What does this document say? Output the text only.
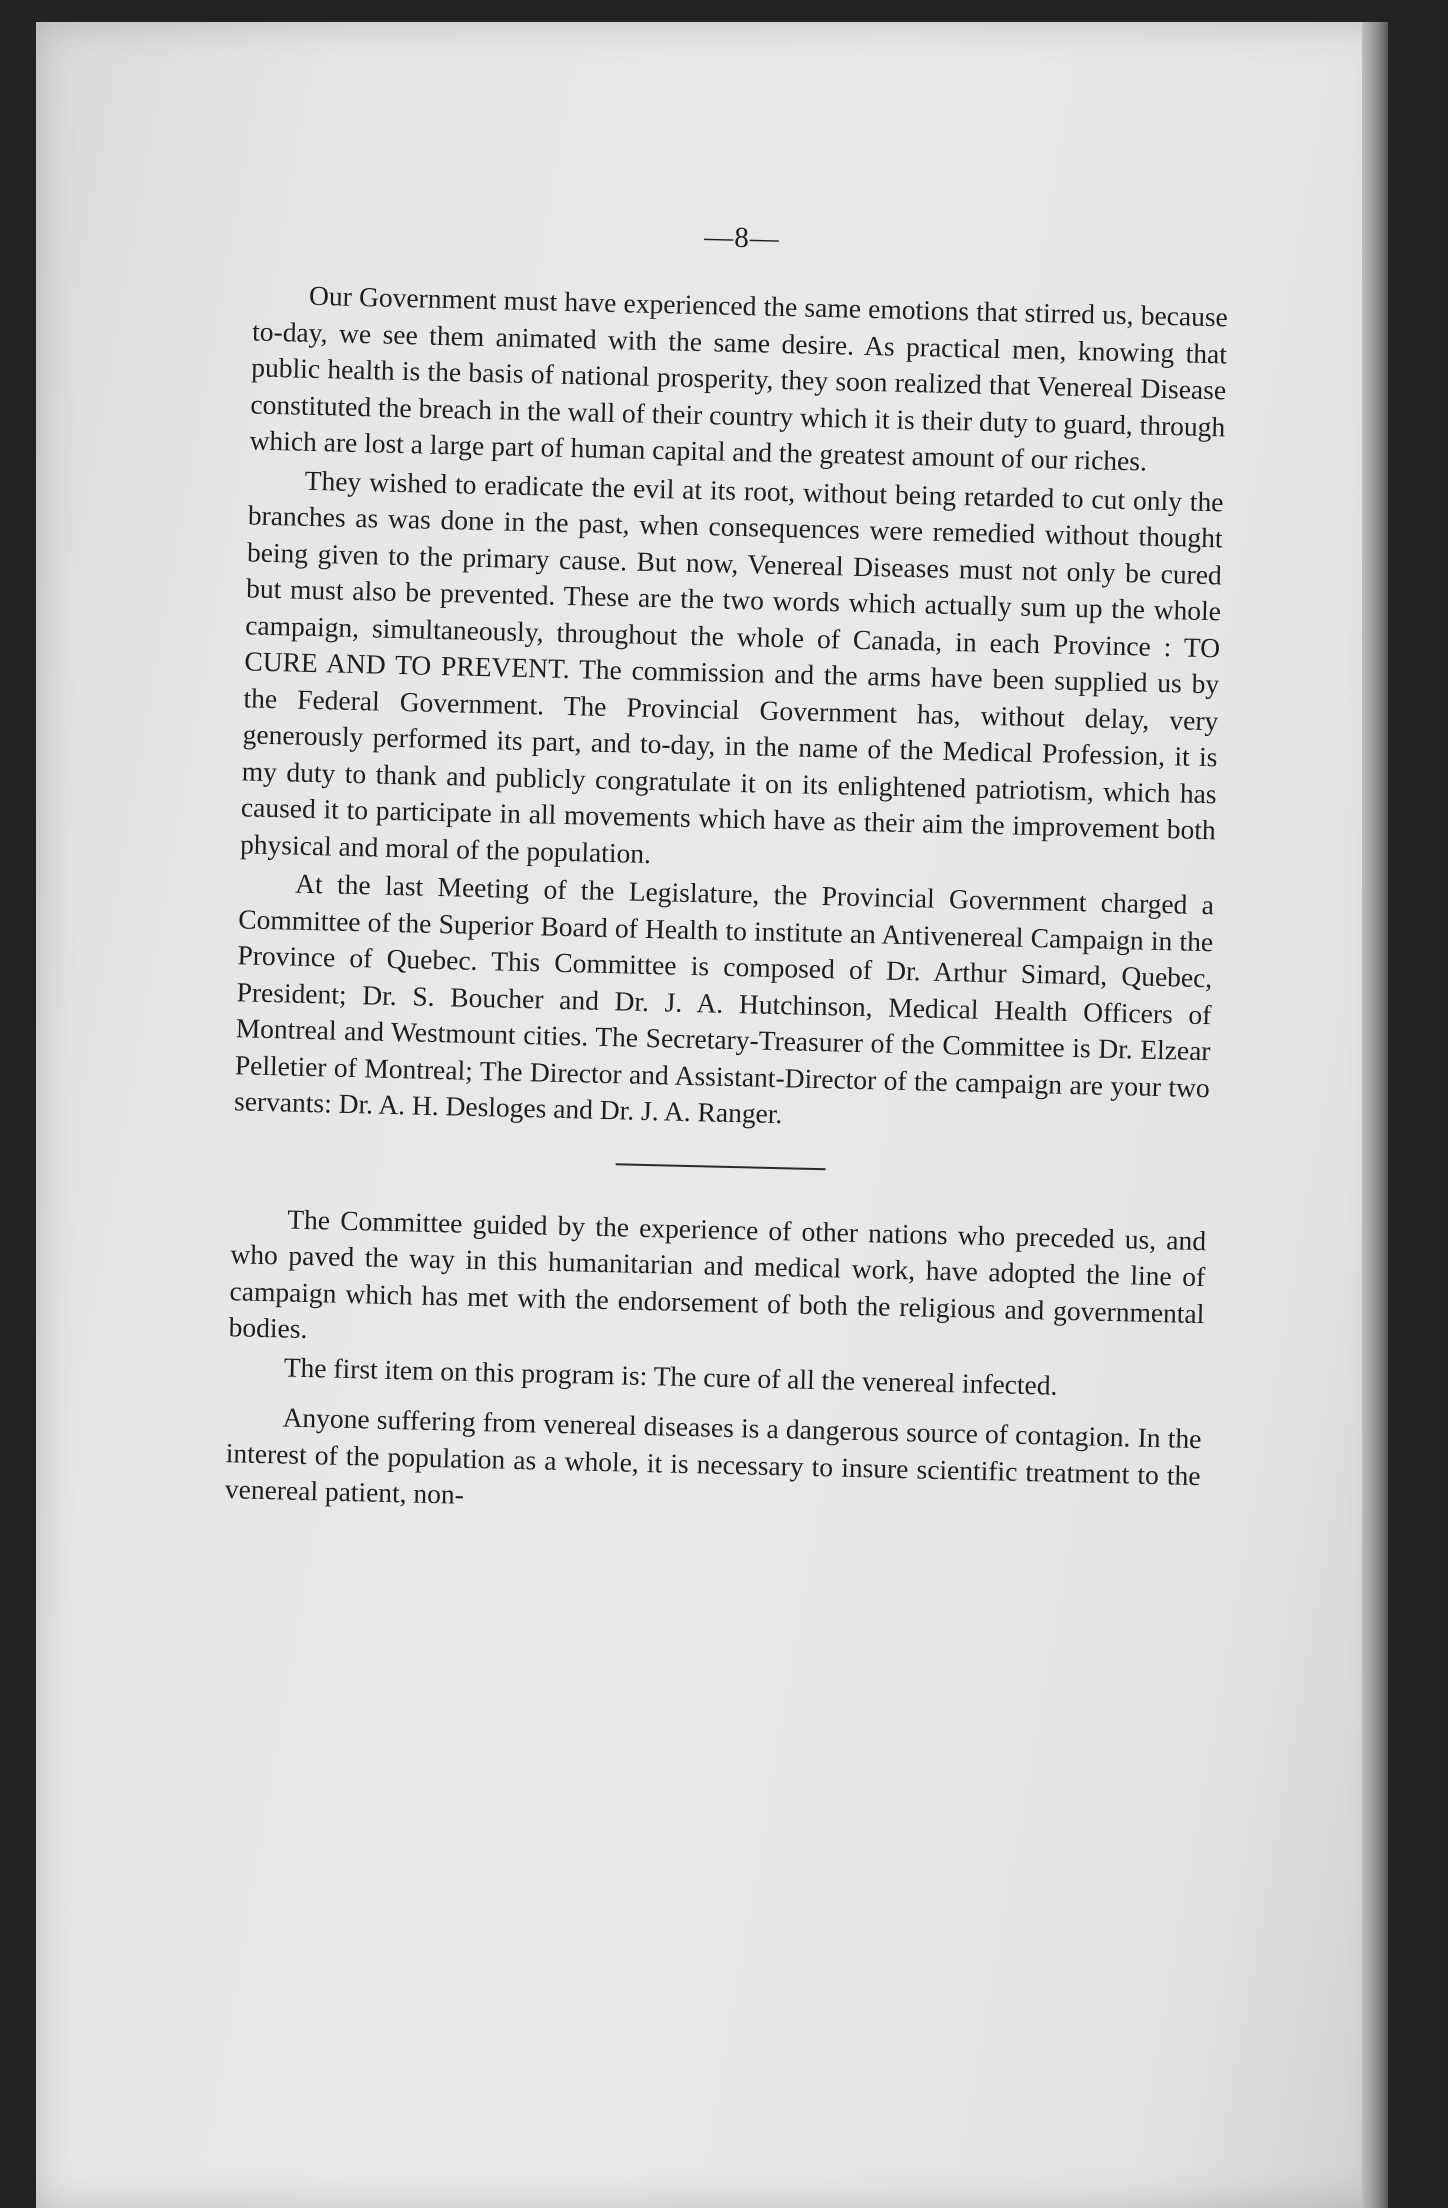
—8—

Our Government must have experienced the same emotions that stirred us, because to-day, we see them animated with the same desire. As practical men, knowing that public health is the basis of national prosperity, they soon realized that Venereal Disease constituted the breach in the wall of their country which it is their duty to guard, through which are lost a large part of human capital and the greatest amount of our riches.

They wished to eradicate the evil at its root, without being retarded to cut only the branches as was done in the past, when consequences were remedied without thought being given to the primary cause. But now, Venereal Diseases must not only be cured but must also be prevented. These are the two words which actually sum up the whole campaign, simultaneously, throughout the whole of Canada, in each Province : TO CURE AND TO PREVENT. The commission and the arms have been supplied us by the Federal Government. The Provincial Government has, without delay, very generously performed its part, and to-day, in the name of the Medical Profession, it is my duty to thank and publicly congratulate it on its enlightened patriotism, which has caused it to participate in all movements which have as their aim the improvement both physical and moral of the population.

At the last Meeting of the Legislature, the Provincial Government charged a Committee of the Superior Board of Health to institute an Antivenereal Campaign in the Province of Quebec. This Committee is composed of Dr. Arthur Simard, Quebec, President; Dr. S. Boucher and Dr. J. A. Hutchinson, Medical Health Officers of Montreal and Westmount cities. The Secretary-Treasurer of the Committee is Dr. Elzear Pelletier of Montreal; The Director and Assistant-Director of the campaign are your two servants: Dr. A. H. Desloges and Dr. J. A. Ranger.

The Committee guided by the experience of other nations who preceded us, and who paved the way in this humanitarian and medical work, have adopted the line of campaign which has met with the endorsement of both the religious and governmental bodies.

The first item on this program is: The cure of all the venereal infected.

Anyone suffering from venereal diseases is a dangerous source of contagion. In the interest of the population as a whole, it is necessary to insure scientific treatment to the venereal patient, non-
